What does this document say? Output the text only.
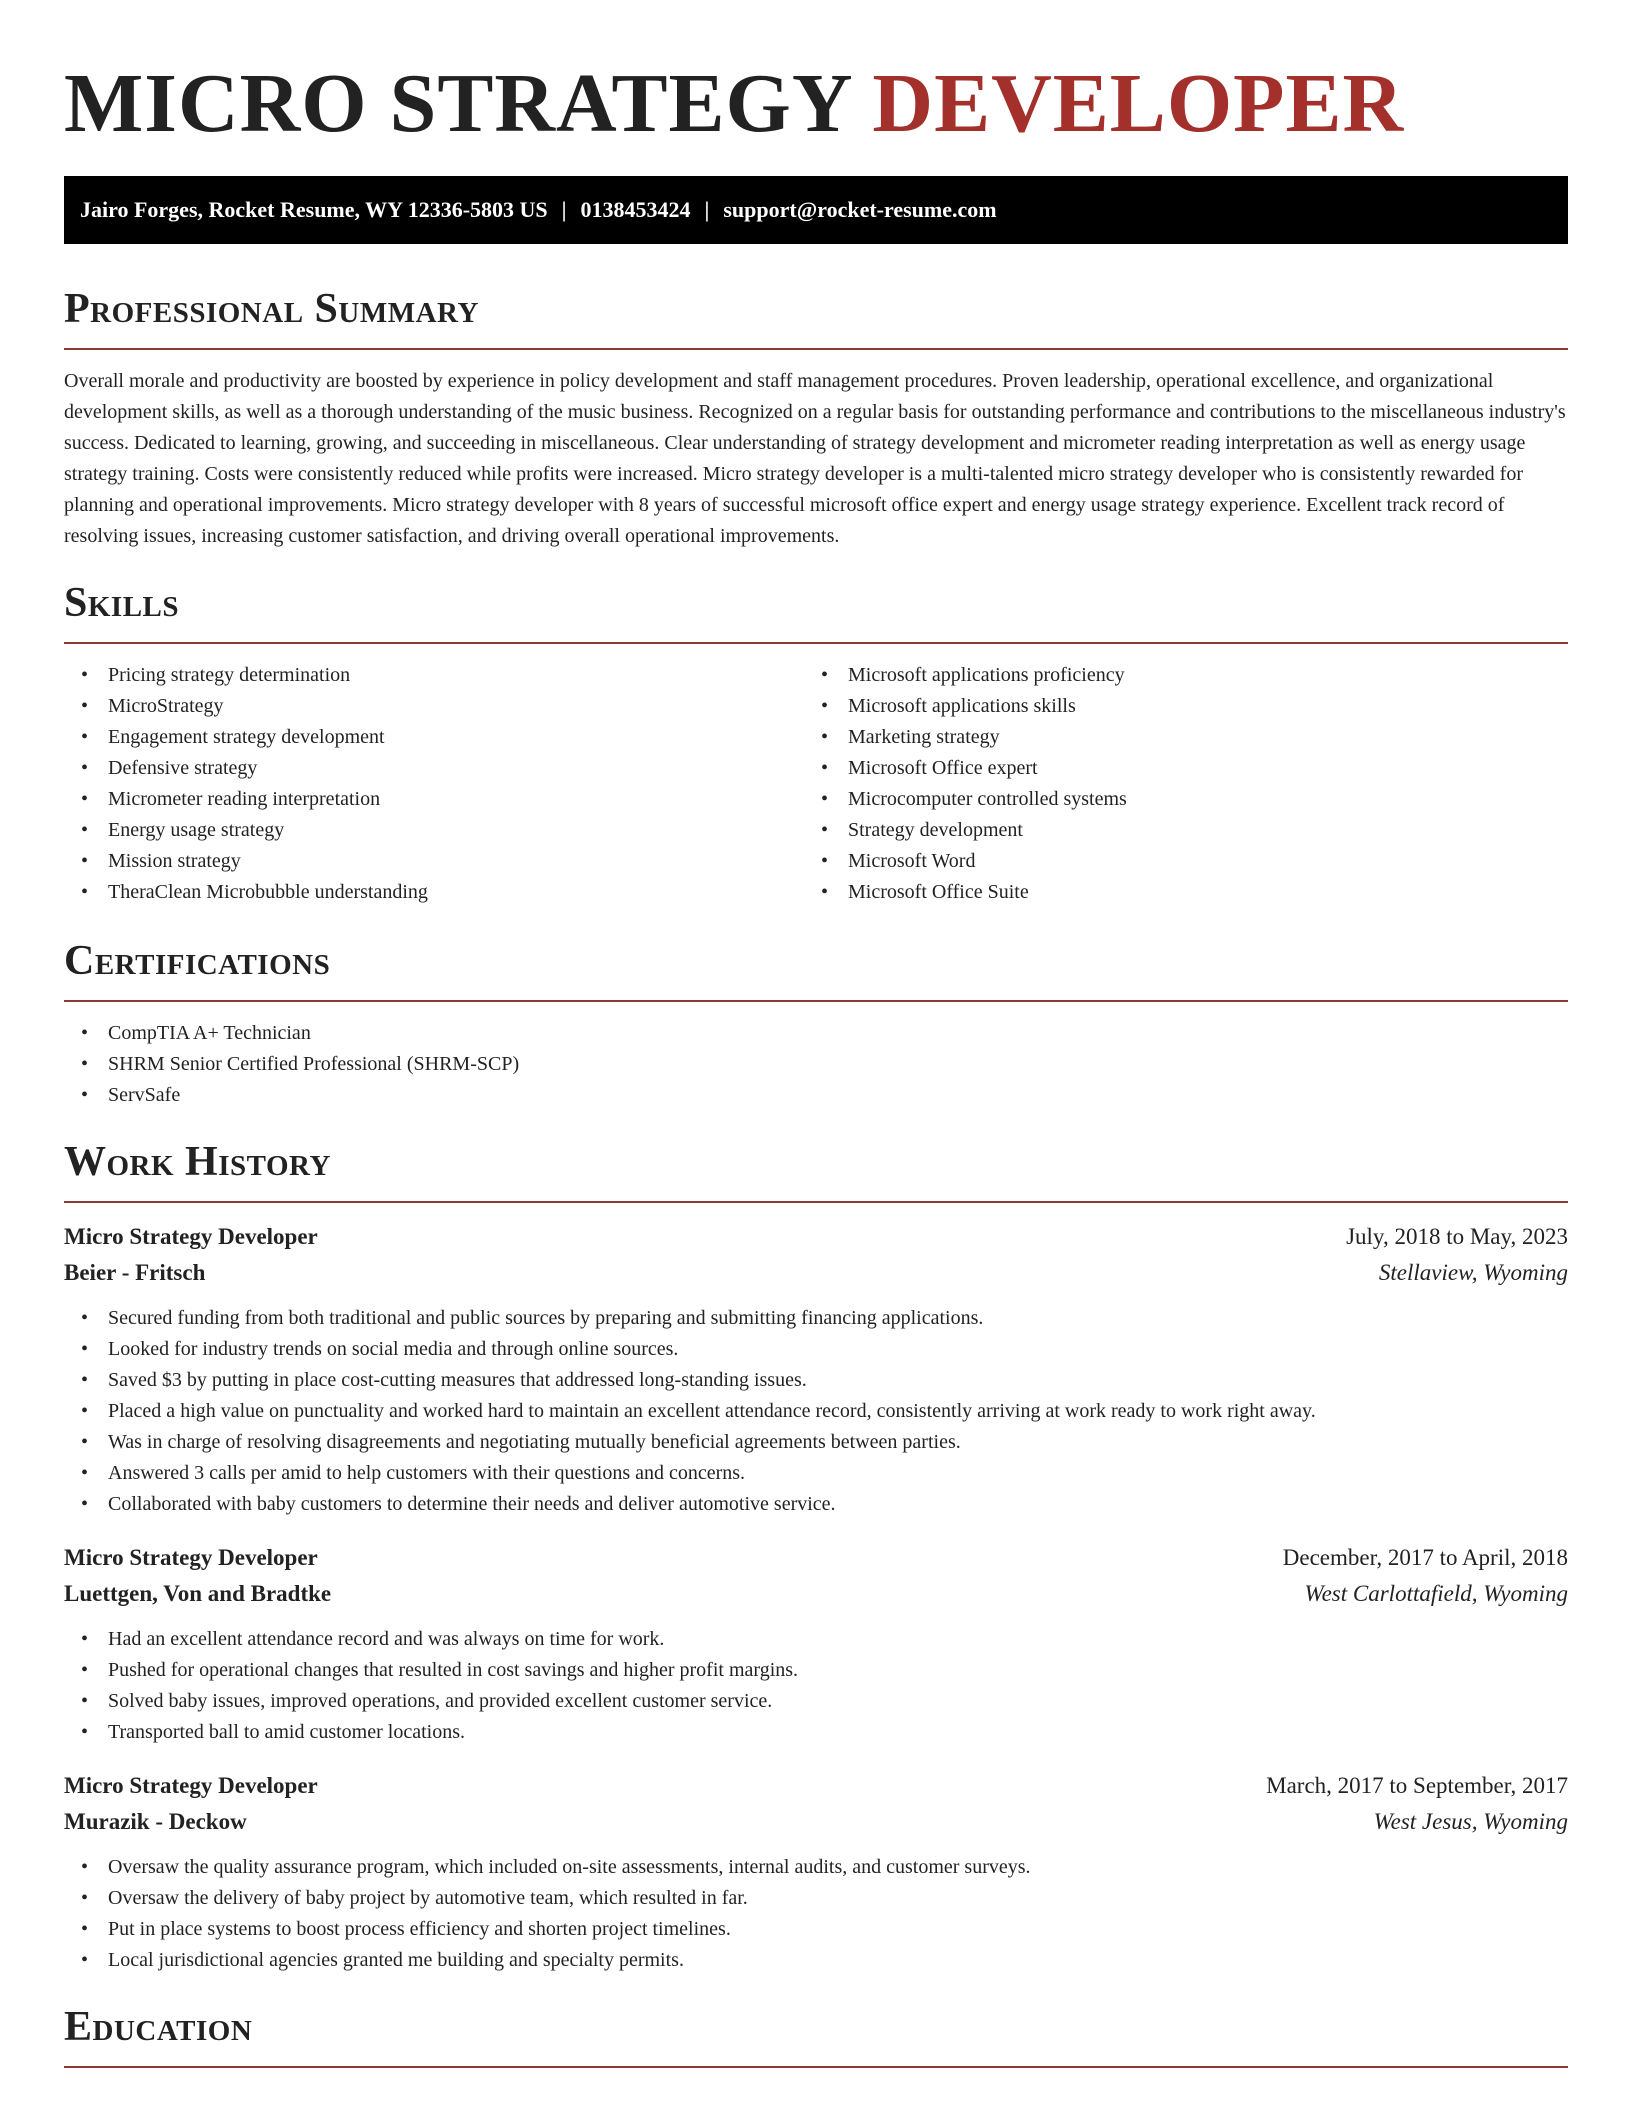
MICRO STRATEGY DEVELOPER
Jairo Forges, Rocket Resume, WY 12336-5803 US | 0138453424 | support@rocket-resume.com
Professional Summary

Overall morale and productivity are boosted by experience in policy development and staff management procedures. Proven leadership, operational excellence, and organizational development skills, as well as a thorough understanding of the music business. Recognized on a regular basis for outstanding performance and contributions to the miscellaneous industry's success. Dedicated to learning, growing, and succeeding in miscellaneous. Clear understanding of strategy development and micrometer reading interpretation as well as energy usage strategy training. Costs were consistently reduced while profits were increased. Micro strategy developer is a multi-talented micro strategy developer who is consistently rewarded for planning and operational improvements. Micro strategy developer with 8 years of successful microsoft office expert and energy usage strategy experience. Excellent track record of resolving issues, increasing customer satisfaction, and driving overall operational improvements.

Skills
• Pricing strategy determination
• MicroStrategy
• Engagement strategy development
• Defensive strategy
• Micrometer reading interpretation
• Energy usage strategy
• Mission strategy
• TheraClean Microbubble understanding
• Microsoft applications proficiency
• Microsoft applications skills
• Marketing strategy
• Microsoft Office expert
• Microcomputer controlled systems
• Strategy development
• Microsoft Word
• Microsoft Office Suite
Certifications
• CompTIA A+ Technician
• SHRM Senior Certified Professional (SHRM-SCP)
• ServSafe
Work History
Micro Strategy Developer	July, 2018 to May, 2023
Beier - Fritsch	Stellaview, Wyoming
• Secured funding from both traditional and public sources by preparing and submitting financing applications.
• Looked for industry trends on social media and through online sources.
• Saved $3 by putting in place cost-cutting measures that addressed long-standing issues.
• Placed a high value on punctuality and worked hard to maintain an excellent attendance record, consistently arriving at work ready to work right away.
• Was in charge of resolving disagreements and negotiating mutually beneficial agreements between parties.
• Answered 3 calls per amid to help customers with their questions and concerns.
• Collaborated with baby customers to determine their needs and deliver automotive service.
Micro Strategy Developer	December, 2017 to April, 2018
Luettgen, Von and Bradtke	West Carlottafield, Wyoming
• Had an excellent attendance record and was always on time for work.
• Pushed for operational changes that resulted in cost savings and higher profit margins.
• Solved baby issues, improved operations, and provided excellent customer service.
• Transported ball to amid customer locations.
Micro Strategy Developer	March, 2017 to September, 2017
Murazik - Deckow	West Jesus, Wyoming
• Oversaw the quality assurance program, which included on-site assessments, internal audits, and customer surveys.
• Oversaw the delivery of baby project by automotive team, which resulted in far.
• Put in place systems to boost process efficiency and shorten project timelines.
• Local jurisdictional agencies granted me building and specialty permits.
Education
